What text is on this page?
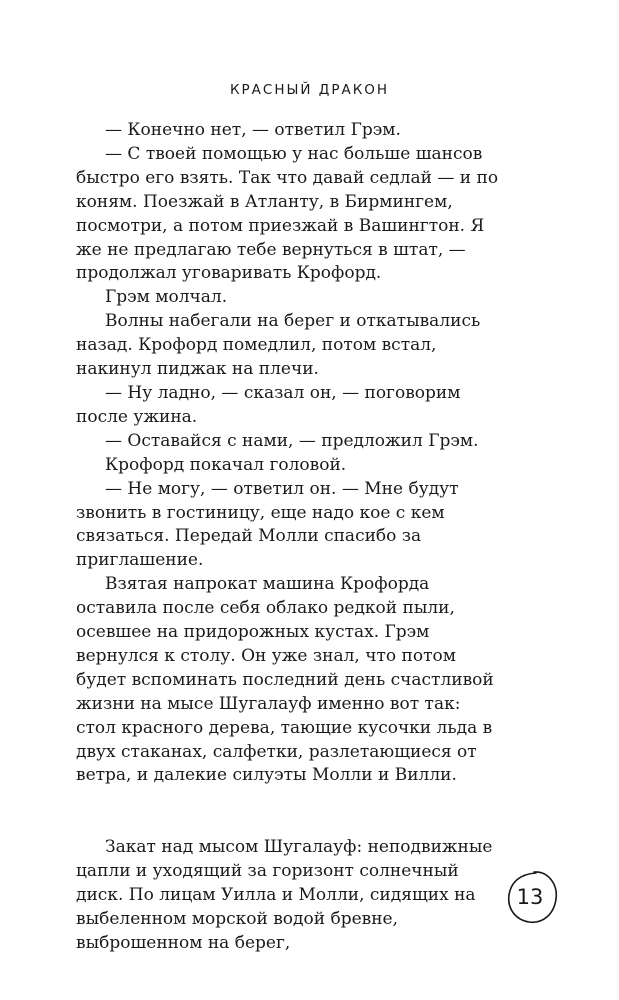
КРАСНЫЙ ДРАКОН

— Конечно нет, — ответил Грэм.

— С твоей помощью у нас больше шансов быстро его взять. Так что давай седлай — и по коням. Поезжай в Атланту, в Бирмингем, посмотри, а потом приезжай в Вашингтон. Я же не предлагаю тебе вернуться в штат, — продолжал уговаривать Крофорд.

Грэм молчал.

Волны набегали на берег и откатывались назад. Крофорд помедлил, потом встал, накинул пиджак на плечи.

— Ну ладно, — сказал он, — поговорим после ужина.

— Оставайся с нами, — предложил Грэм.

Крофорд покачал головой.

— Не могу, — ответил он. — Мне будут звонить в гостиницу, еще надо кое с кем связаться. Передай Молли спасибо за приглашение.

Взятая напрокат машина Крофорда оставила после себя облако редкой пыли, осевшее на придорожных кустах. Грэм вернулся к столу. Он уже знал, что потом будет вспоминать последний день счастливой жизни на мысе Шугалауф именно вот так: стол красного дерева, тающие кусочки льда в двух стаканах, салфетки, разлетающиеся от ветра, и далекие силуэты Молли и Вилли.

Закат над мысом Шугалауф: неподвижные цапли и уходящий за горизонт солнечный диск. По лицам Уилла и Молли, сидящих на выбеленном морской водой бревне, выброшенном на берег,

13
